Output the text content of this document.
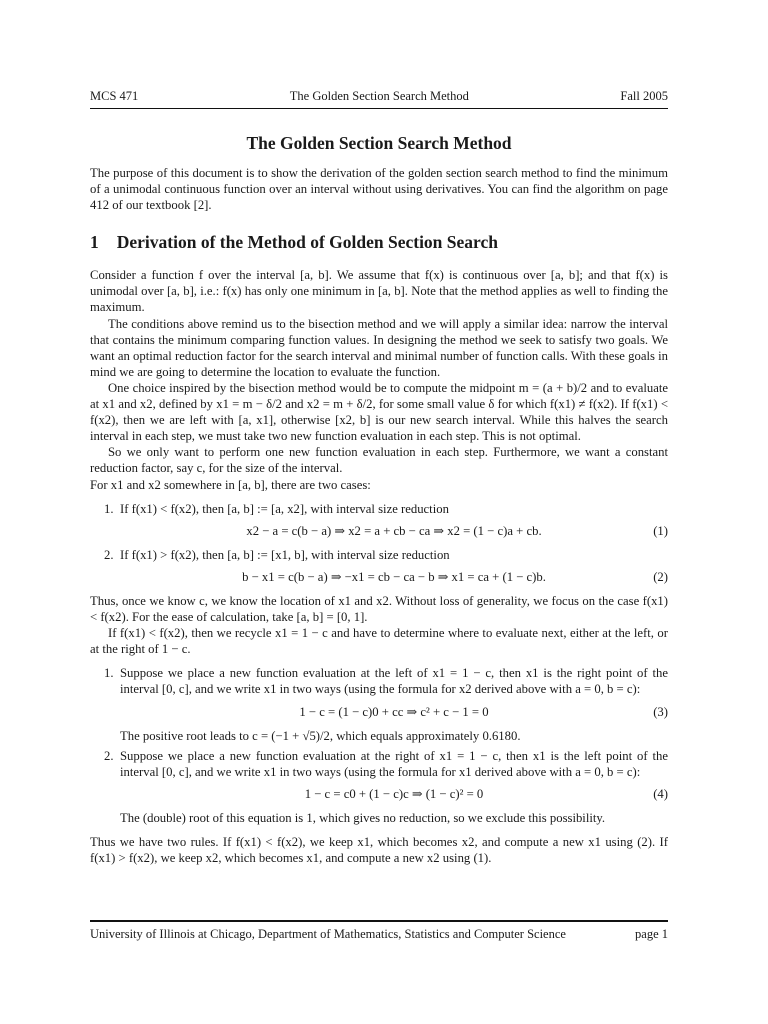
MCS 471	The Golden Section Search Method	Fall 2005
The Golden Section Search Method

The purpose of this document is to show the derivation of the golden section search method to find the minimum of a unimodal continuous function over an interval without using derivatives. You can find the algorithm on page 412 of our textbook [2].

1 Derivation of the Method of Golden Section Search

Consider a function f over the interval [a, b]. We assume that f(x) is continuous over [a, b]; and that f(x) is unimodal over [a, b], i.e.: f(x) has only one minimum in [a, b]. Note that the method applies as well to finding the maximum.

The conditions above remind us to the bisection method and we will apply a similar idea: narrow the interval that contains the minimum comparing function values. In designing the method we seek to satisfy two goals. We want an optimal reduction factor for the search interval and minimal number of function calls. With these goals in mind we are going to determine the location to evaluate the function.

One choice inspired by the bisection method would be to compute the midpoint m = (a + b)/2 and to evaluate at x1 and x2, defined by x1 = m − δ/2 and x2 = m + δ/2, for some small value δ for which f(x1) ≠ f(x2). If f(x1) < f(x2), then we are left with [a, x1], otherwise [x2, b] is our new search interval. While this halves the search interval in each step, we must take two new function evaluation in each step. This is not optimal.

So we only want to perform one new function evaluation in each step. Furthermore, we want a constant reduction factor, say c, for the size of the interval.

For x1 and x2 somewhere in [a, b], there are two cases:

1. If f(x1) < f(x2), then [a, b] := [a, x2], with interval size reduction
x2 − a = c(b − a) ⇒ x2 = a + cb − ca ⇒ x2 = (1 − c)a + cb.	(1)
2. If f(x1) > f(x2), then [a, b] := [x1, b], with interval size reduction
b − x1 = c(b − a) ⇒ −x1 = cb − ca − b ⇒ x1 = ca + (1 − c)b.	(2)

Thus, once we know c, we know the location of x1 and x2. Without loss of generality, we focus on the case f(x1) < f(x2). For the ease of calculation, take [a, b] = [0, 1].

If f(x1) < f(x2), then we recycle x1 = 1 − c and have to determine where to evaluate next, either at the left, or at the right of 1 − c.

1. Suppose we place a new function evaluation at the left of x1 = 1 − c, then x1 is the right point of the interval [0, c], and we write x1 in two ways (using the formula for x2 derived above with a = 0, b = c):
1 − c = (1 − c)0 + cc ⇒ c² + c − 1 = 0	(3)
The positive root leads to c = (−1 + √5)/2, which equals approximately 0.6180.
2. Suppose we place a new function evaluation at the right of x1 = 1 − c, then x1 is the left point of the interval [0, c], and we write x1 in two ways (using the formula for x1 derived above with a = 0, b = c):
1 − c = c0 + (1 − c)c ⇒ (1 − c)² = 0	(4)
The (double) root of this equation is 1, which gives no reduction, so we exclude this possibility.

Thus we have two rules. If f(x1) < f(x2), we keep x1, which becomes x2, and compute a new x1 using (2). If f(x1) > f(x2), we keep x2, which becomes x1, and compute a new x2 using (1).

University of Illinois at Chicago, Department of Mathematics, Statistics and Computer Science	page 1
